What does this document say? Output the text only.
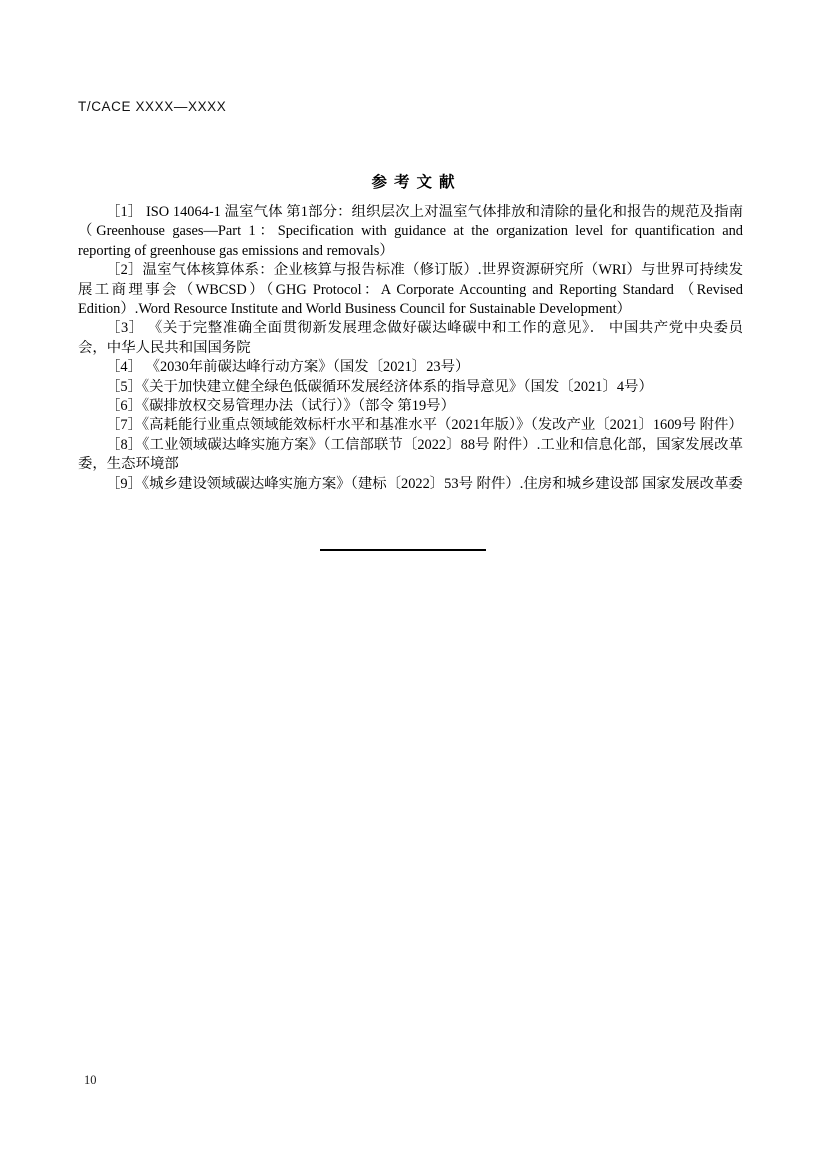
T/CACE XXXX—XXXX
参考文献

［1］ ISO 14064-1 温室气体 第1部分：组织层次上对温室气体排放和清除的量化和报告的规范及指南（Greenhouse gases—Part 1：Specification with guidance at the organization level for quantification and reporting of greenhouse gas emissions and removals）

［2］温室气体核算体系：企业核算与报告标准（修订版）.世界资源研究所（WRI）与世界可持续发展工商理事会（WBCSD）（GHG Protocol：A Corporate Accounting and Reporting Standard （Revised Edition）.Word Resource Institute and World Business Council for Sustainable Development）

［3］ 《关于完整准确全面贯彻新发展理念做好碳达峰碳中和工作的意见》． 中国共产党中央委员会，中华人民共和国国务院

［4］ 《2030年前碳达峰行动方案》（国发〔2021〕23号）

［5］《关于加快建立健全绿色低碳循环发展经济体系的指导意见》（国发〔2021〕4号）

［6］《碳排放权交易管理办法（试行）》（部令 第19号）

［7］《高耗能行业重点领域能效标杆水平和基准水平（2021年版）》（发改产业〔2021〕1609号 附件）

［8］《工业领域碳达峰实施方案》（工信部联节〔2022〕88号 附件）.工业和信息化部，国家发展改革委，生态环境部

［9］《城乡建设领域碳达峰实施方案》（建标〔2022〕53号 附件）.住房和城乡建设部 国家发展改革委

10
